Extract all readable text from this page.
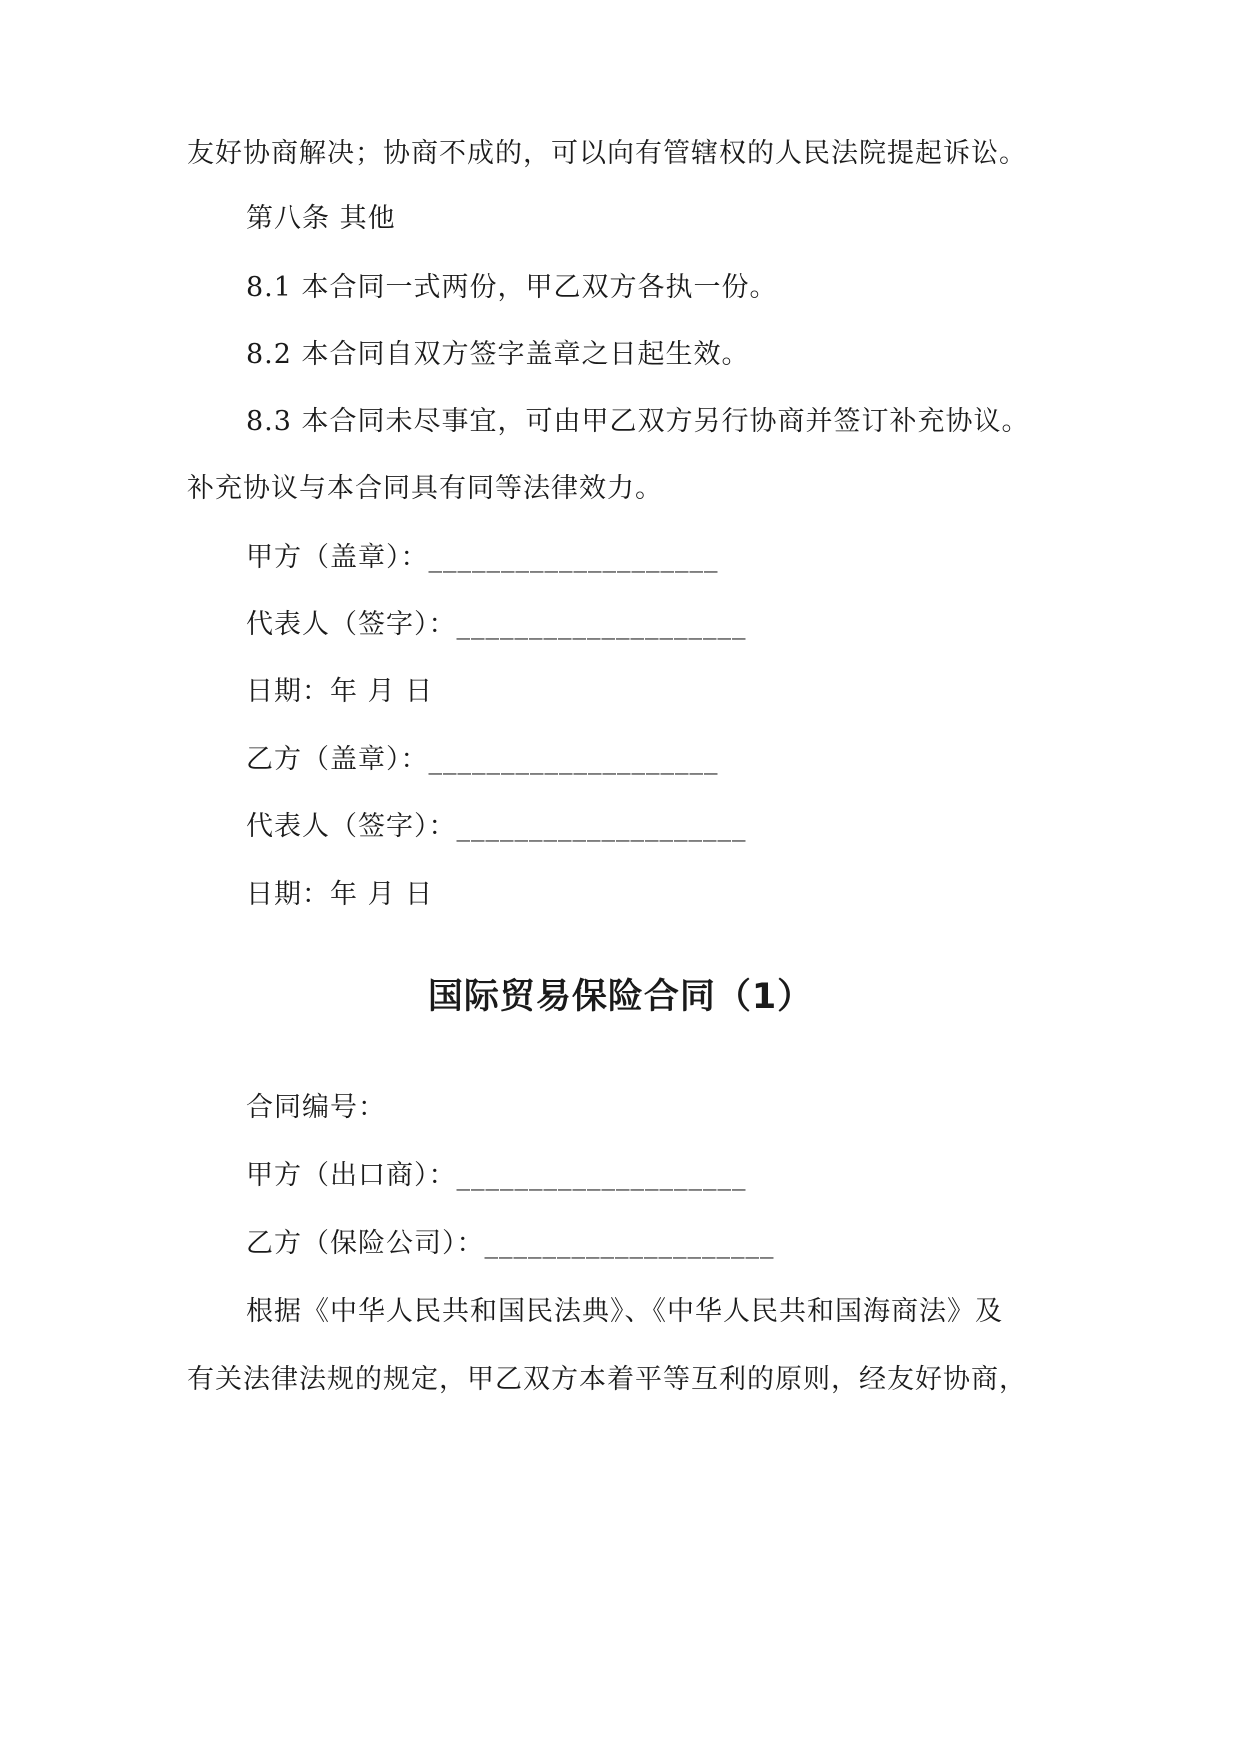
友好协商解决；协商不成的，可以向有管辖权的人民法院提起诉讼。
第八条 其他
8.1 本合同一式两份，甲乙双方各执一份。
8.2 本合同自双方签字盖章之日起生效。
8.3 本合同未尽事宜，可由甲乙双方另行协商并签订补充协议。
补充协议与本合同具有同等法律效力。
甲方（盖章）：____________________
代表人（签字）：____________________
日期：年 月 日
乙方（盖章）：____________________
代表人（签字）：____________________
日期：年 月 日
国际贸易保险合同（1）
合同编号：
甲方（出口商）：____________________
乙方（保险公司）：____________________
根据《中华人民共和国民法典》、《中华人民共和国海商法》及
有关法律法规的规定，甲乙双方本着平等互利的原则，经友好协商，
